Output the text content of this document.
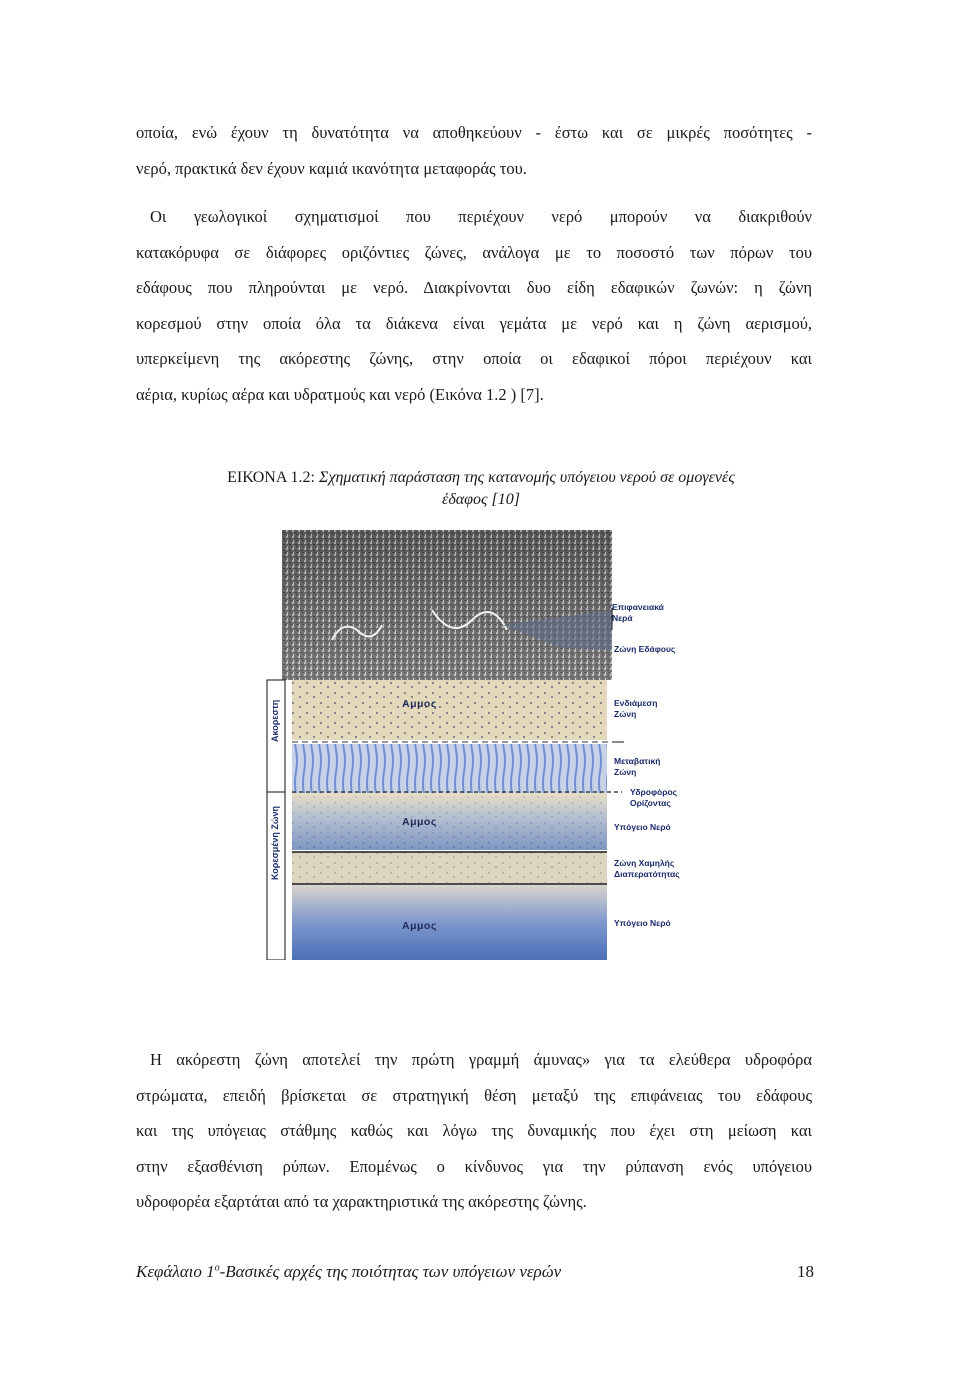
οποία, ενώ έχουν τη δυνατότητα να αποθηκεύουν - έστω και σε μικρές ποσότητες -
νερό, πρακτικά δεν έχουν καμιά ικανότητα μεταφοράς του.
Οι γεωλογικοί σχηματισμοί που περιέχουν νερό μπορούν να διακριθούν
κατακόρυφα σε διάφορες οριζόντιες ζώνες, ανάλογα με το ποσοστό των πόρων του
εδάφους που πληρούνται με νερό. Διακρίνονται δυο είδη εδαφικών ζωνών: η ζώνη
κορεσμού στην οποία όλα τα διάκενα είναι γεμάτα με νερό και η ζώνη αερισμού,
υπερκείμενη της ακόρεστης ζώνης, στην οποία οι εδαφικοί πόροι περιέχουν και
αέρια, κυρίως αέρα και υδρατμούς και νερό (Εικόνα 1.2 ) [7].
ΕΙΚΟΝΑ 1.2: Σχηματική παράσταση της κατανομής υπόγειου νερού σε ομογενές
έδαφος [10]
Επιφανειακά
Νερά
Ζώνη Εδάφους
Ενδιάμεση
Ζώνη
Μεταβατική
Ζώνη
Υδροφόρος
Ορίζοντας
Υπόγειο Νερό
Ζώνη Χαμηλής
Διαπερατότητας
Υπόγειο Νερό
Αμμος
Αμμος
Αμμος
Ακορεστη
Κορεσμένη Ζώνη
Η ακόρεστη ζώνη αποτελεί την πρώτη γραμμή άμυνας» για τα ελεύθερα υδροφόρα
στρώματα, επειδή βρίσκεται σε στρατηγική θέση μεταξύ της επιφάνειας του εδάφους
και της υπόγειας στάθμης καθώς και λόγω της δυναμικής που έχει στη μείωση και
στην εξασθένιση ρύπων. Επομένως ο κίνδυνος για την ρύπανση ενός υπόγειου
υδροφορέα εξαρτάται από τα χαρακτηριστικά της ακόρεστης ζώνης.
Κεφάλαιο $1^o$-Βασικές αρχές της ποιότητας των υπόγειων νερών	18
